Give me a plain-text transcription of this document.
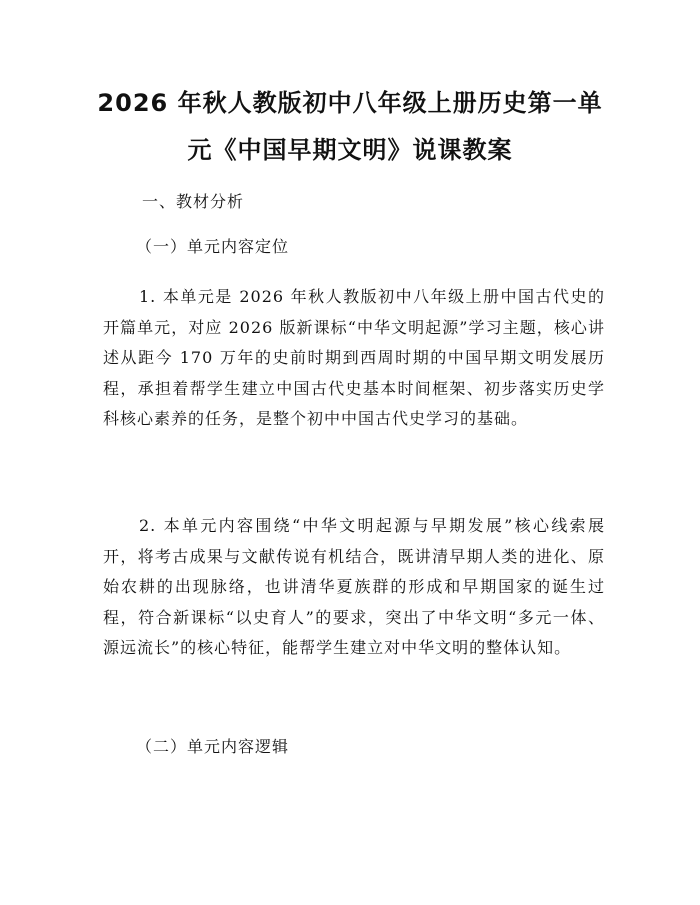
2026 年秋人教版初中八年级上册历史第一单
元《中国早期文明》说课教案
一、教材分析
（一）单元内容定位
1. 本单元是 2026 年秋人教版初中八年级上册中国古代史的开篇单元，对应 2026 版新课标“中华文明起源”学习主题，核心讲述从距今 170 万年的史前时期到西周时期的中国早期文明发展历程，承担着帮学生建立中国古代史基本时间框架、初步落实历史学科核心素养的任务，是整个初中中国古代史学习的基础。
2. 本单元内容围绕“中华文明起源与早期发展”核心线索展开，将考古成果与文献传说有机结合，既讲清早期人类的进化、原始农耕的出现脉络，也讲清华夏族群的形成和早期国家的诞生过程，符合新课标“以史育人”的要求，突出了中华文明“多元一体、源远流长”的核心特征，能帮学生建立对中华文明的整体认知。
（二）单元内容逻辑
